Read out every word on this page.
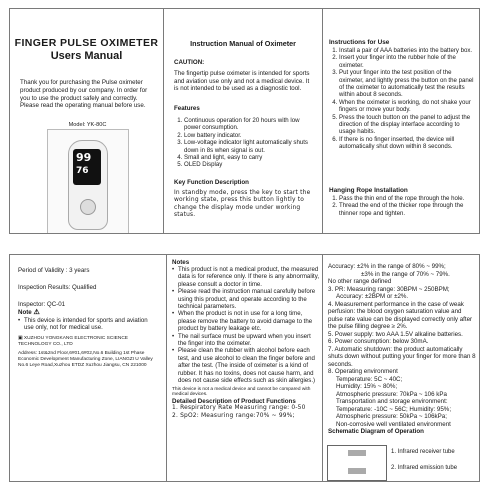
FINGER PULSE OXIMETER
Users Manual
Thank you for purchasing the Pulse oximeter product produced by our company. In order for you to use the product safely and correctly. Please read the operating manual before use.
Model: YK-80C
99
76
Instruction Manual of Oximeter
CAUTION:
The fingertip pulse oximeter is intended for sports and aviation use only and not a medical device. It is not intended to be used as a diagnostic tool.
Features
1. Continuous operation for 20 hours with low power consumption.
2. Low battery indicator.
3. Low-voltage indicator light automatically shuts down in 8s when signal is out.
4. Small and light, easy to carry
5. OLED Display
Key Function Description
In standby mode, press the key to start the working state, press this button lightly to change the display mode under working status.
Instructions for Use
1. Install a pair of AAA batteries into the battery box.
2. Insert your finger into the rubber hole of the oximeter.
3. Put your finger into the test position of the oximeter, and lightly press the button on the panel of the oximeter to automatically test the results within about 8 seconds.
4. When the oximeter is working, do not shake your fingers or move your body.
5. Press the touch button on the panel to adjust the direction of the display interface according to usage habits.
6. If there is no finger inserted, the device will automatically shut down within 8 seconds.
Hanging Rope Installation
1. Pass the thin end of the rope through the hole.
2. Thread the end of the thicker rope through the thinner rope and tighten.
Period of Validity : 3 years
Inspection Results: Qualified
Inspector: QC-01
Note ⚠
• This device is intended for sports and aviation use only, not for medical use.
▣ XUZHOU YONGKANG ELECTRONIC SCIENCE TECHNOLOGY CO., LTD
Address: 1st&2nd Floor,6#01,6#02,No.6 Building 1st Phase Economic Development Manufacturing Zone, LIANGZI U Valley No.6 Leye Road,Xuzhou ETDZ Xuzhou Jiangsu, CN 221000
Notes
• This product is not a medical product, the measured data is for reference only. If there is any abnormality, please consult a doctor in time.
• Please read the instruction manual carefully before using this product, and operate according to the technical parameters.
• When the product is not in use for a long time, please remove the battery to avoid damage to the product by battery leakage etc.
• The nail surface must be upward when you insert the finger into the oximeter.
• Please clean the rubber with alcohol before each test, and use alcohol to clean the finger before and after the test. (The inside of oximeter is a kind of rubber. It has no toxins, does not cause harm, and does not cause side effects such as skin allergies.)
This device is not a medical device and cannot be compared with medical devices.
Detailed Description of Product Functions
1. Respiratory Rate Measuring range: 0-50
2. SpO2: Measuring range:70% ~ 99%;
Accuracy: ±2% in the range of 80% ~ 99%;
±3% in the range of 70% ~ 79%.
No other range defined
3. PR: Measuring range: 30BPM ~ 250BPM;
Accuracy: ±2BPM or ±2%.
4. Measurement performance in the case of weak perfusion: the blood oxygen saturation value and pulse rate value can be displayed correctly only after the pulse filling degree ≥ 2%.
5. Power supply: two AAA 1.5V alkaline batteries.
6. Power consumption: below 30mA.
7. Automatic shutdown: the product automatically shuts down without putting your finger for more than 8 seconds.
8. Operating environment
Temperature: 5C ~ 40C;
Humidity: 15% ~ 80%;
Atmospheric pressure: 70kPa ~ 106 kPa
Transportation and storage environment:
Temperature: -10C ~ 56C; Humidity: 95%;
Atmospheric pressure: 50kPa ~ 106kPa;
Non-corrosive well ventilated environment
Schematic Diagram of Operation
1. Infrared receiver tube
2. Infrared emission tube
